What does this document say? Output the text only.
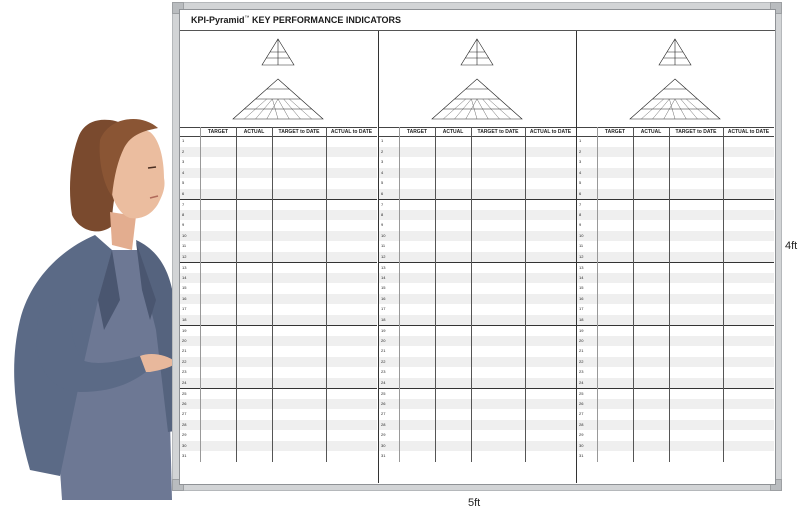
KPI-Pyramid™ KEY PERFORMANCE INDICATORS
TARGET	ACTUAL	TARGET to DATE	ACTUAL to DATE
1
2
3
4
5
6
7
8
9
10
11
12
13
14
15
16
17
18
19
20
21
22
23
24
25
26
27
28
29
30
31
TARGET	ACTUAL	TARGET to DATE	ACTUAL to DATE
1
2
3
4
5
6
7
8
9
10
11
12
13
14
15
16
17
18
19
20
21
22
23
24
25
26
27
28
29
30
31
TARGET	ACTUAL	TARGET to DATE	ACTUAL to DATE
1
2
3
4
5
6
7
8
9
10
11
12
13
14
15
16
17
18
19
20
21
22
23
24
25
26
27
28
29
30
31
4ft
5ft
